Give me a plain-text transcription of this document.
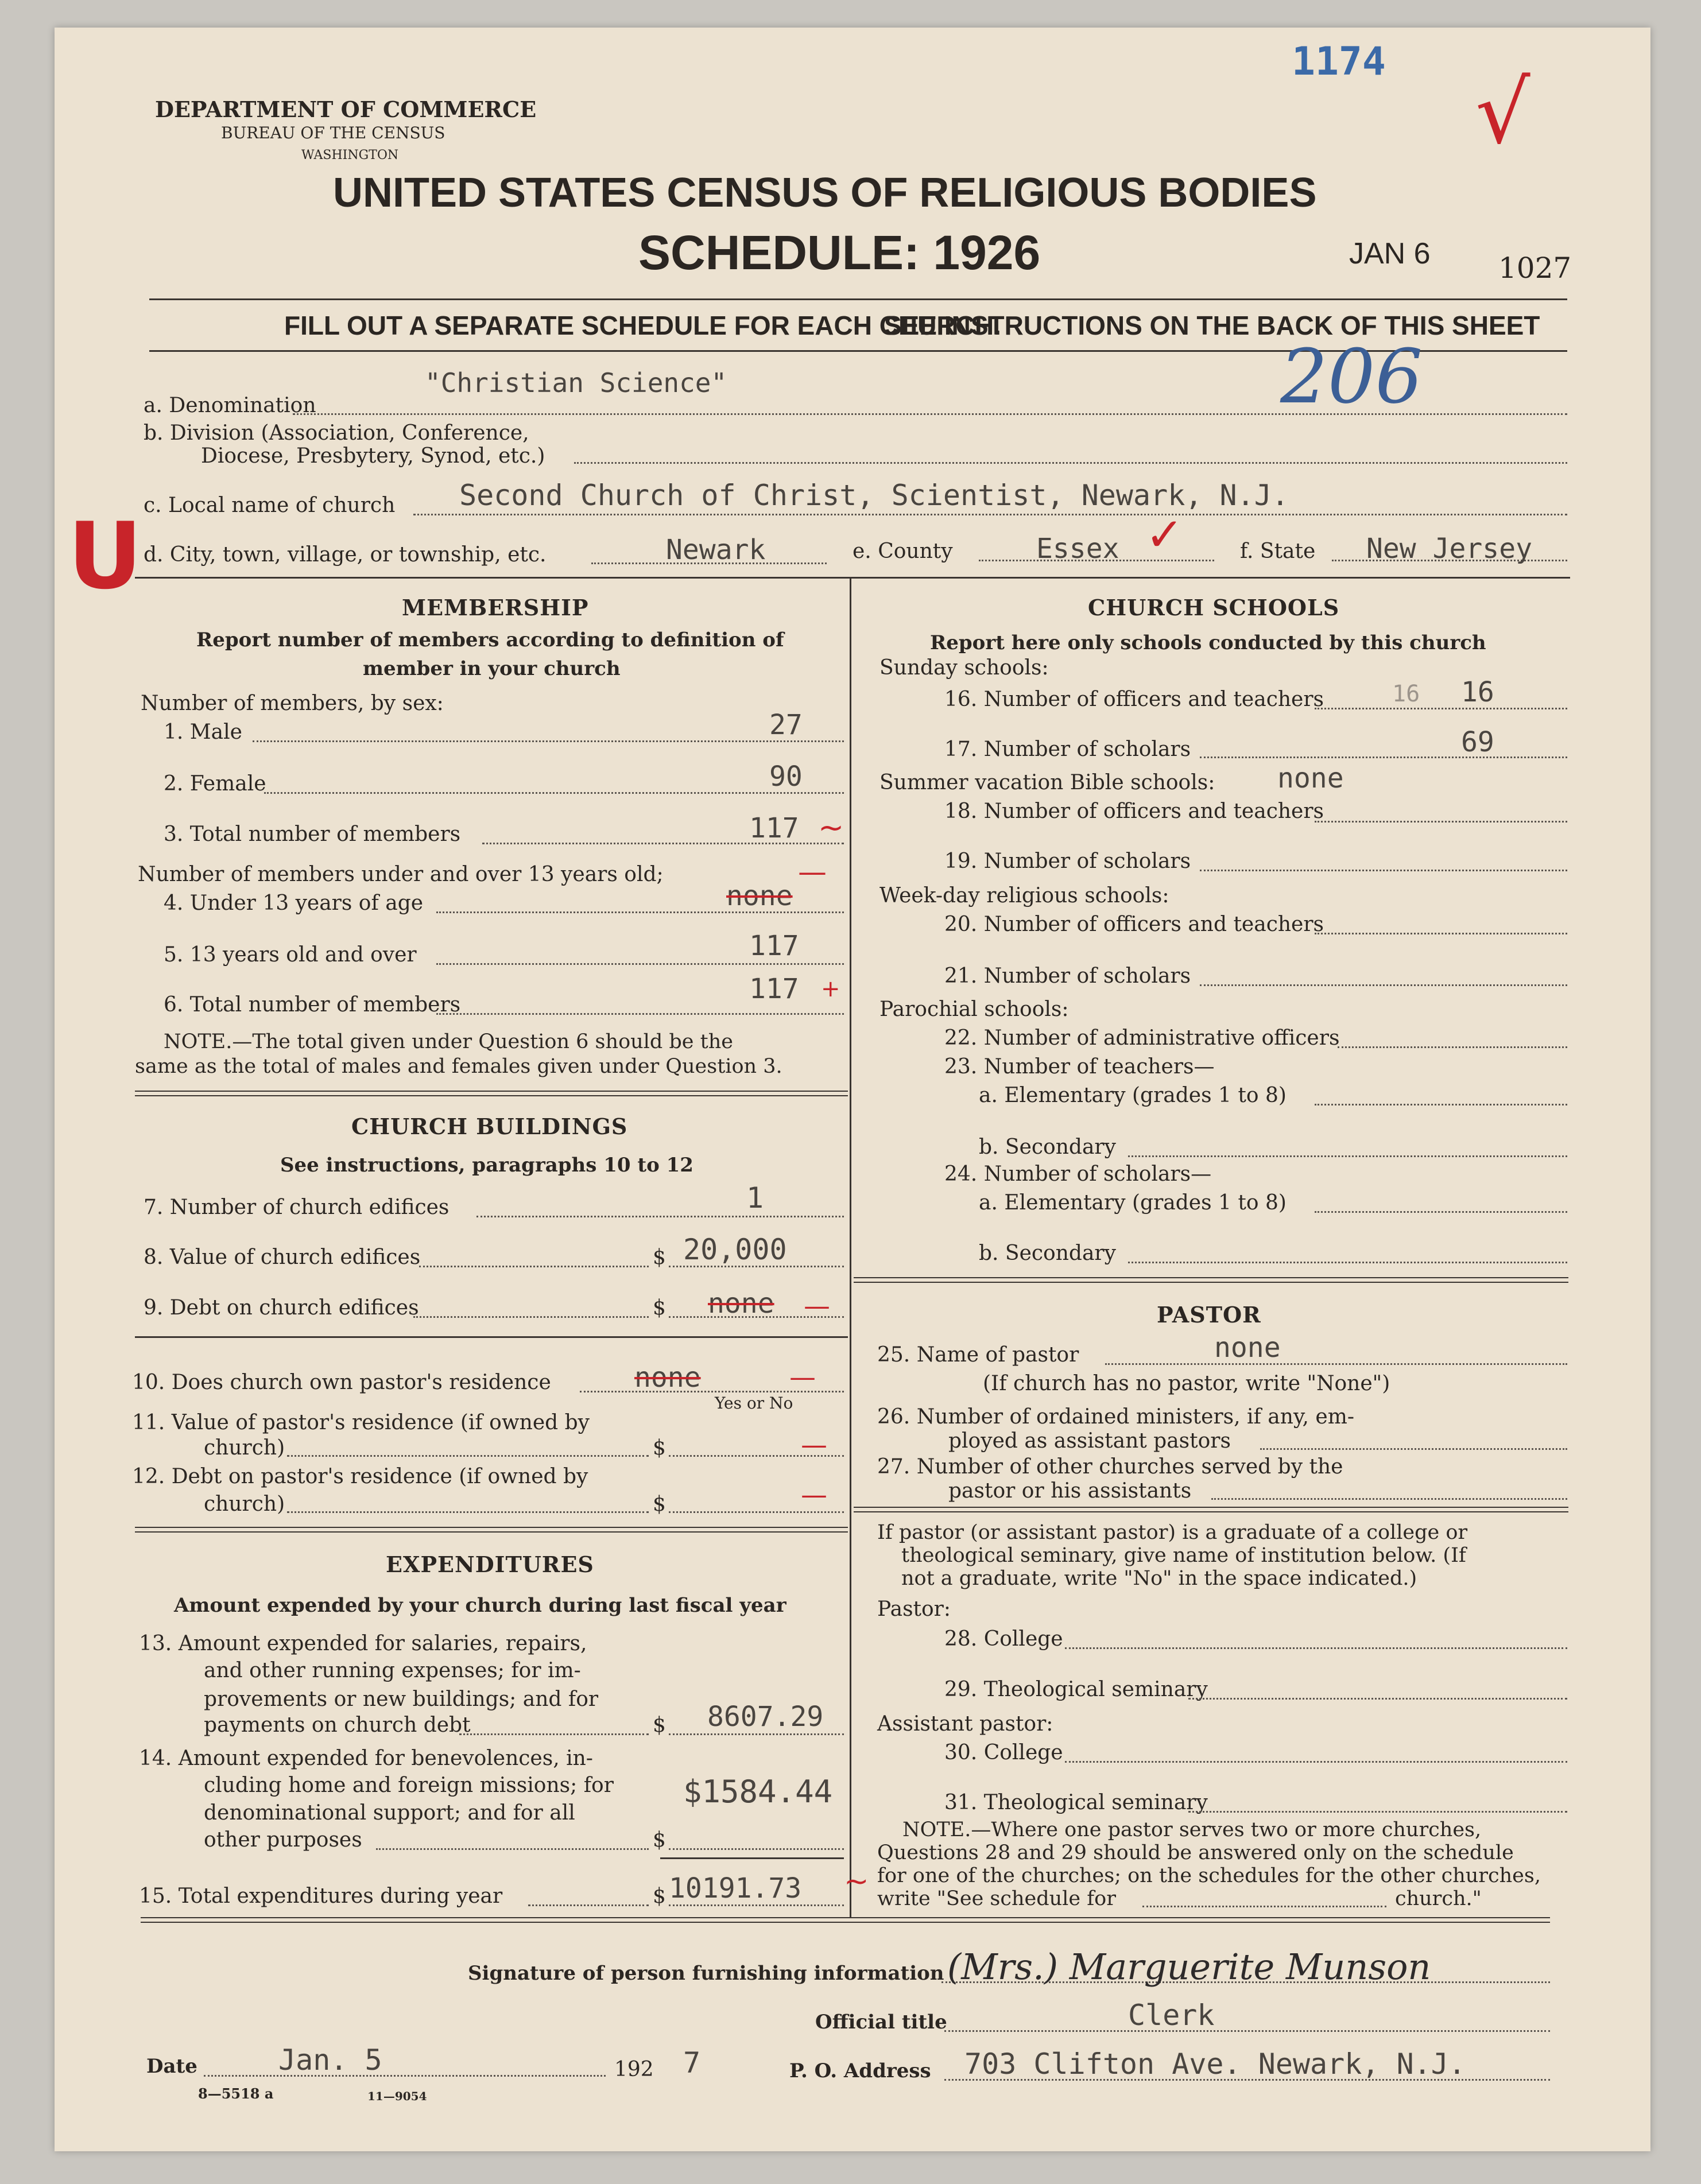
1174
√
DEPARTMENT OF COMMERCE
BUREAU OF THE CENSUS
WASHINGTON
UNITED STATES CENSUS OF RELIGIOUS BODIES
SCHEDULE: 1926	JAN 6 1027
FILL OUT A SEPARATE SCHEDULE FOR EACH CHURCH.
SEE INSTRUCTIONS ON THE BACK OF THIS SHEET
206
U
a. Denomination
"Christian Science"
b. Division (Association, Conference,
Diocese, Presbytery, Synod, etc.)
c. Local name of church Second Church of Christ, Scientist, Newark, N.J.
d. City, town, village, or township, etc.	Newark	e. County	Essex ✓	f. State New Jersey
MEMBERSHIP
Report number of members according to definition of
member in your church
Number of members, by sex:
1. Male	27
2. Female	90
3. Total number of members	117 ~
Number of members under and over 13 years old;	—
4. Under 13 years of age	none
5. 13 years old and over	117
6. Total number of members	117 +
NOTE.—The total given under Question 6 should be the
same as the total of males and females given under Question 3.
CHURCH BUILDINGS
See instructions, paragraphs 10 to 12
7. Number of church edifices	1
8. Value of church edifices	$ 20,000
9. Debt on church edifices	$ none —
10. Does church own pastor's residence	none	—
Yes or No
11. Value of pastor's residence (if owned by
church)	$	—
12. Debt on pastor's residence (if owned by
church)	$	—
EXPENDITURES
Amount expended by your church during last fiscal year
13. Amount expended for salaries, repairs,
and other running expenses; for im-
provements or new buildings; and for
payments on church debt	$ 8607.29
14. Amount expended for benevolences, in-
cluding home and foreign missions; for
denominational support; and for all
other purposes	$
$1584.44
15. Total expenditures during year	$ 10191.73 ~
CHURCH SCHOOLS
Report here only schools conducted by this church
Sunday schools:
16. Number of officers and teachers	16 16
17. Number of scholars	69
Summer vacation Bible schools: none
18. Number of officers and teachers
19. Number of scholars
Week-day religious schools:
20. Number of officers and teachers
21. Number of scholars
Parochial schools:
22. Number of administrative officers
23. Number of teachers—
a. Elementary (grades 1 to 8)
b. Secondary
24. Number of scholars—
a. Elementary (grades 1 to 8)
b. Secondary
PASTOR
25. Name of pastor	none
(If church has no pastor, write "None")
26. Number of ordained ministers, if any, em-
ployed as assistant pastors
27. Number of other churches served by the
pastor or his assistants
If pastor (or assistant pastor) is a graduate of a college or
theological seminary, give name of institution below. (If
not a graduate, write "No" in the space indicated.)
Pastor:
28. College
29. Theological seminary
Assistant pastor:
30. College
31. Theological seminary
NOTE.—Where one pastor serves two or more churches,
Questions 28 and 29 should be answered only on the schedule
for one of the churches; on the schedules for the other churches,
write "See schedule for	church."
Signature of person furnishing information (Mrs.) Marguerite Munson
Official title	Clerk
Date	Jan. 5	192 7	P. O. Address 703 Clifton Ave. Newark, N.J.
8—5518 a	11—9054
